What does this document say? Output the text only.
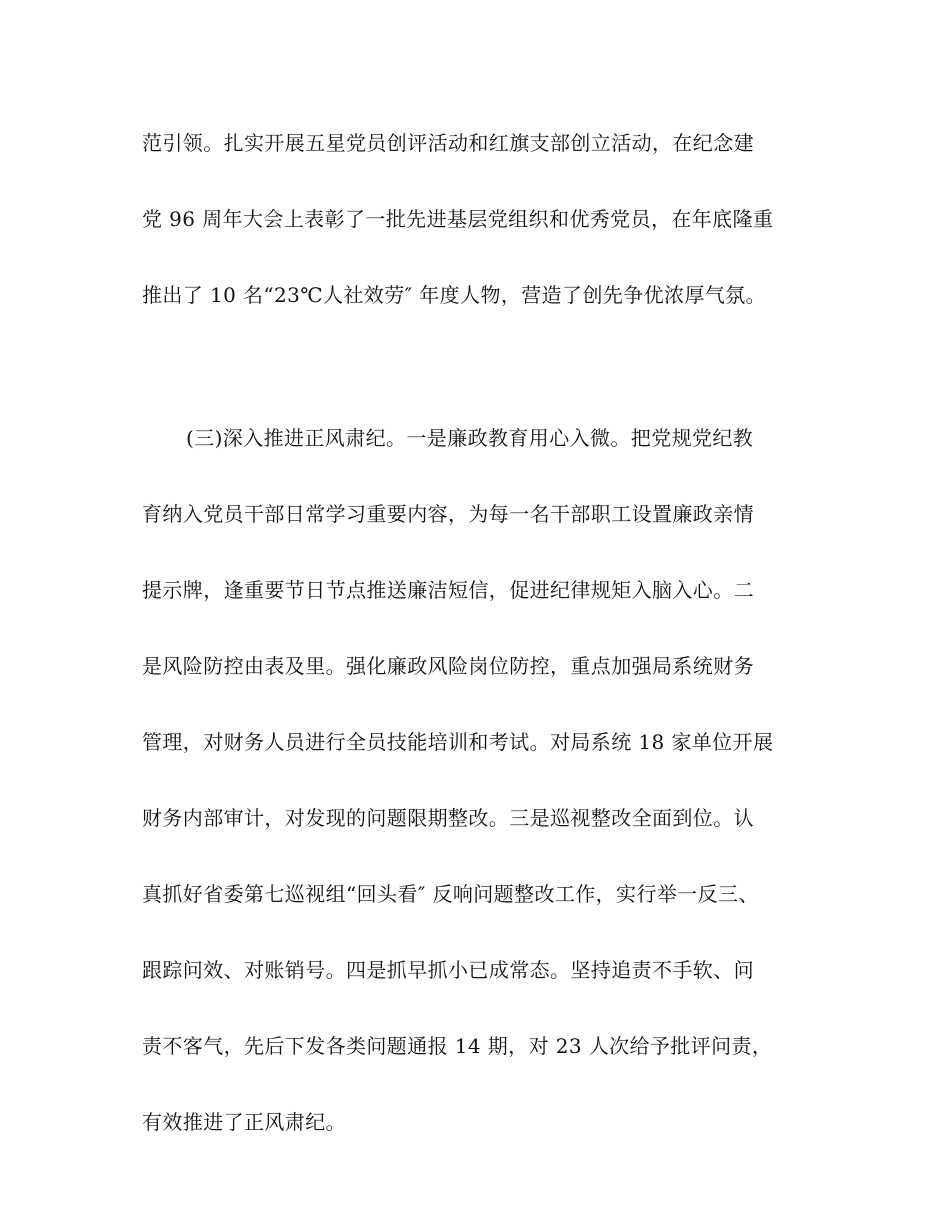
范引领。扎实开展五星党员创评活动和红旗支部创立活动，在纪念建
党 96 周年大会上表彰了一批先进基层党组织和优秀党员，在年底隆重
推出了 10 名“23℃人社效劳″ 年度人物，营造了创先争优浓厚气氛。
(三)深入推进正风肃纪。一是廉政教育用心入微。把党规党纪教
育纳入党员干部日常学习重要内容，为每一名干部职工设置廉政亲情
提示牌，逢重要节日节点推送廉洁短信，促进纪律规矩入脑入心。二
是风险防控由表及里。强化廉政风险岗位防控，重点加强局系统财务
管理，对财务人员进行全员技能培训和考试。对局系统 18 家单位开展
财务内部审计，对发现的问题限期整改。三是巡视整改全面到位。认
真抓好省委第七巡视组“回头看″ 反响问题整改工作，实行举一反三、
跟踪问效、对账销号。四是抓早抓小已成常态。坚持追责不手软、问
责不客气，先后下发各类问题通报 14 期，对 23 人次给予批评问责，
有效推进了正风肃纪。
